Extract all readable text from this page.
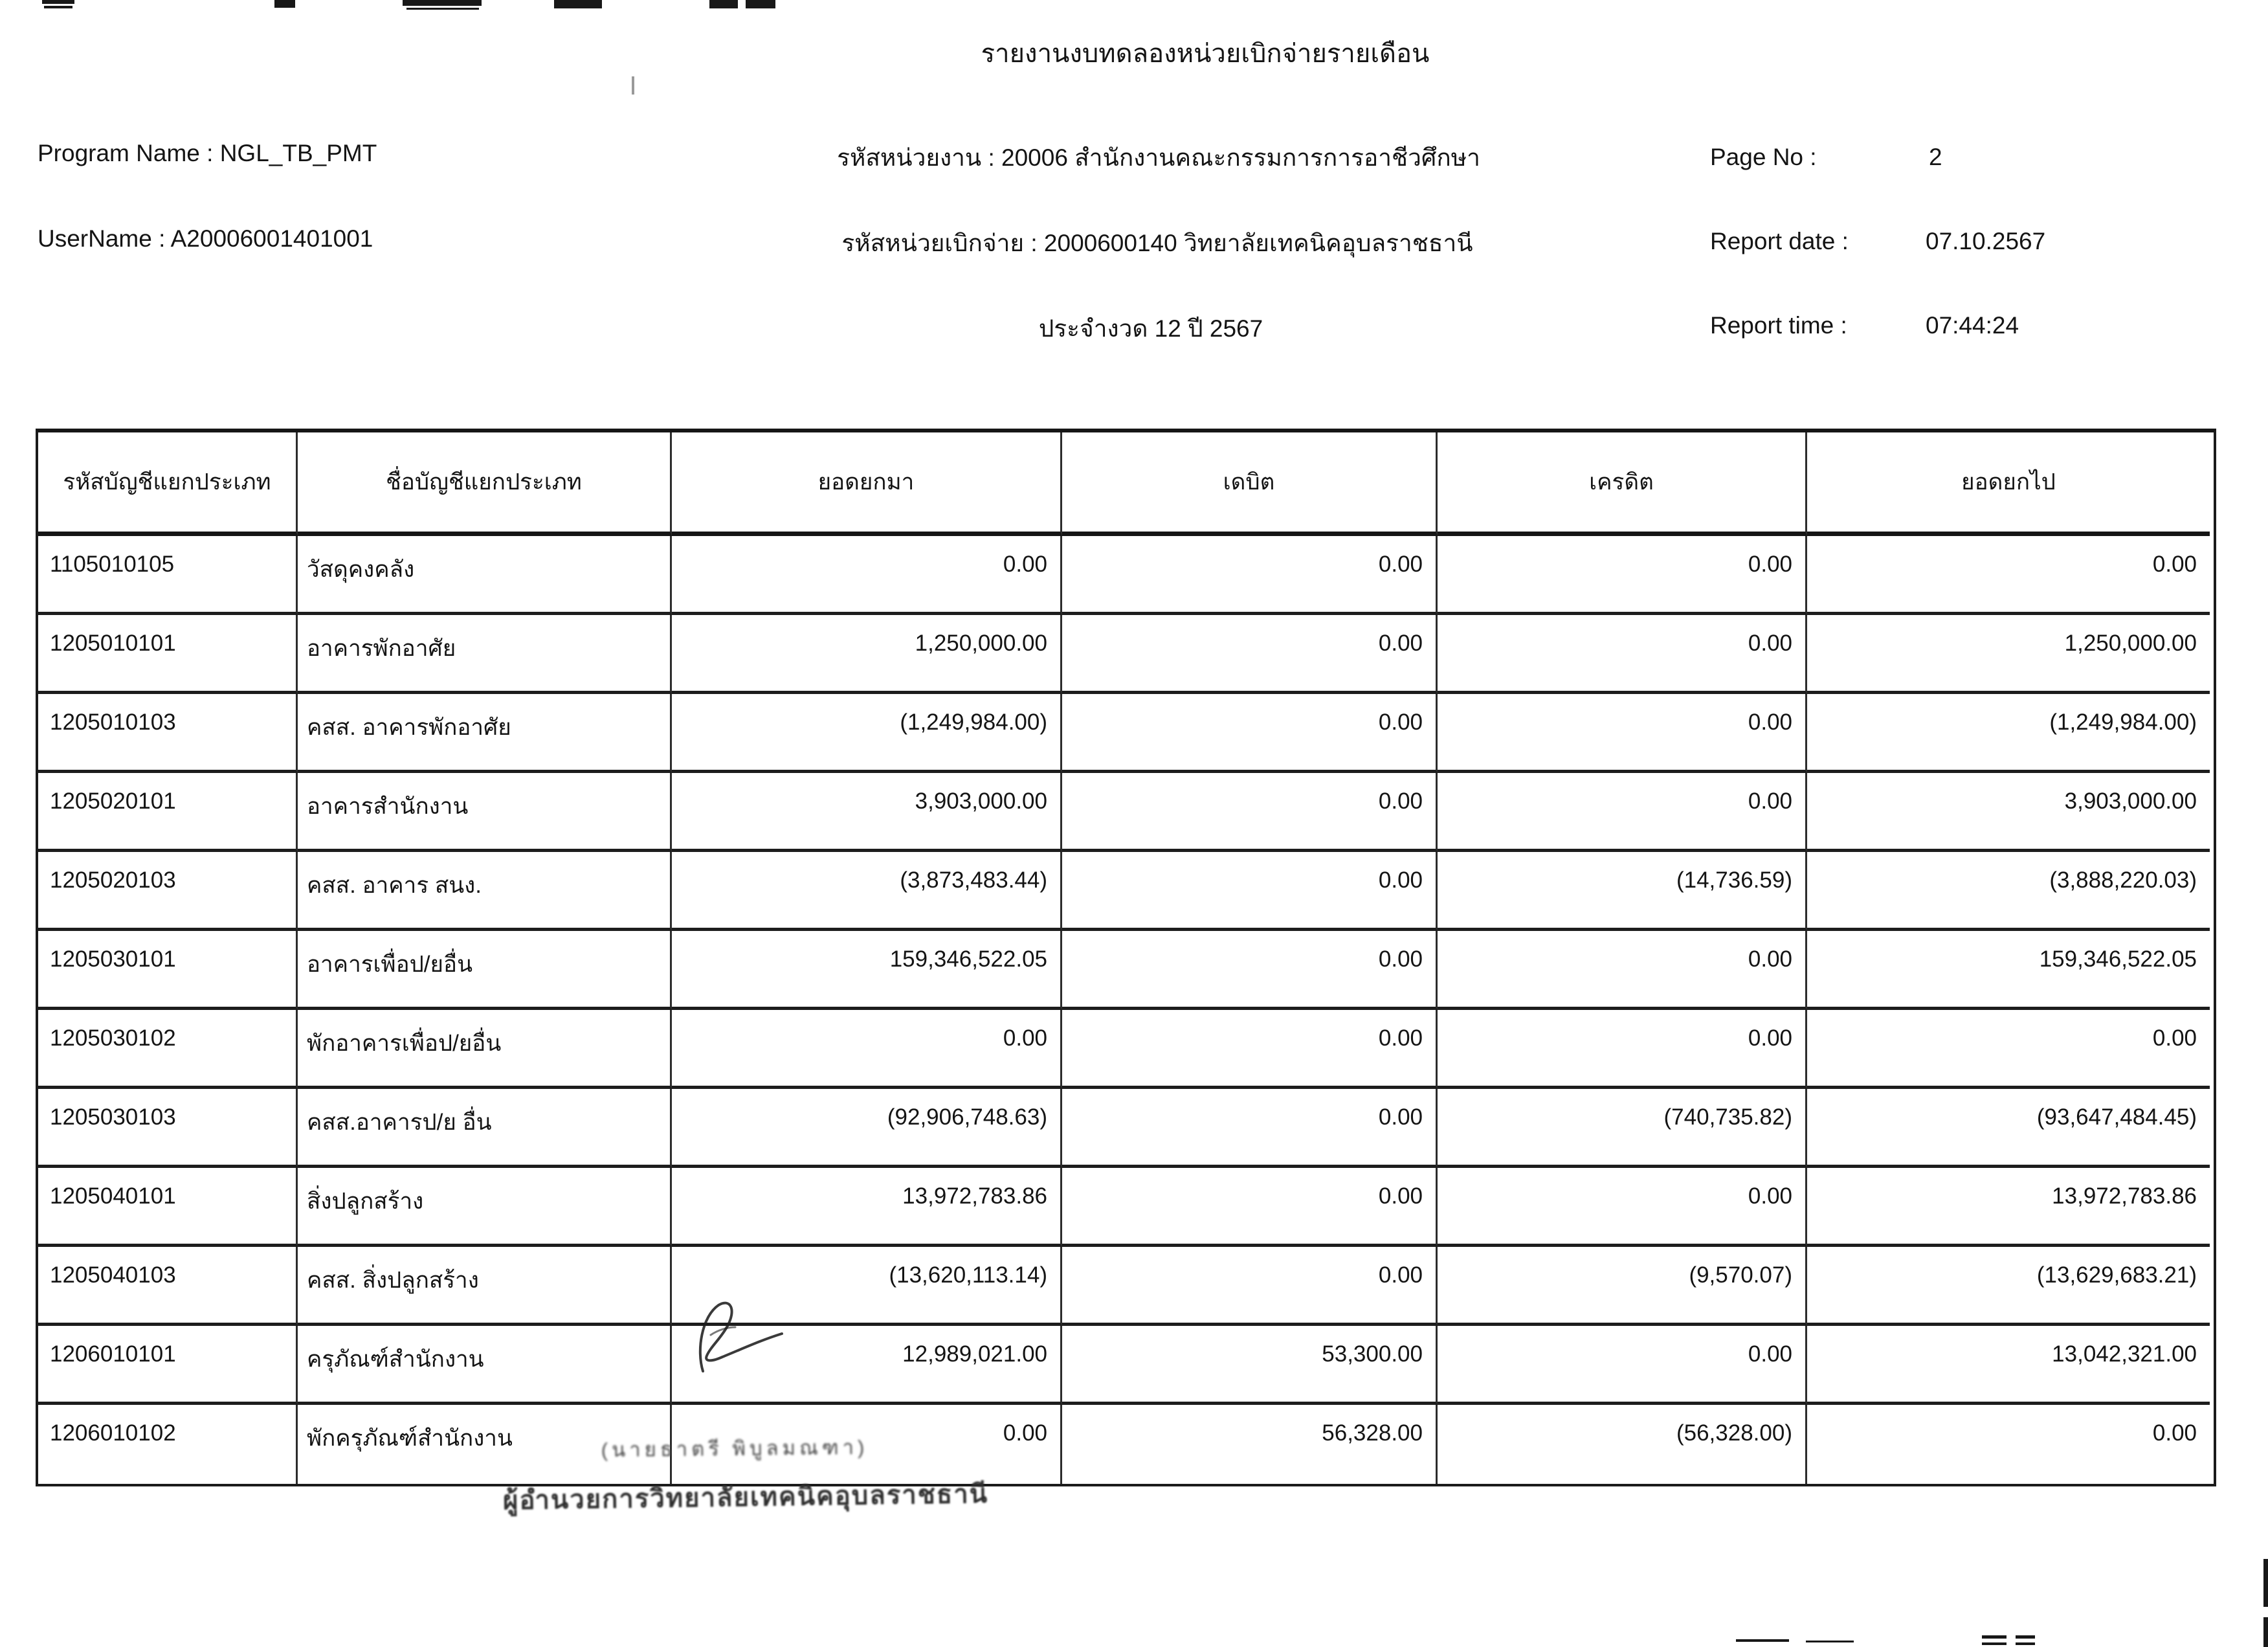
รายงานงบทดลองหน่วยเบิกจ่ายรายเดือน
Program Name : NGL_TB_PMT
UserName : A20006001401001
รหัสหน่วยงาน : 20006 สำนักงานคณะกรรมการการอาชีวศึกษา
รหัสหน่วยเบิกจ่าย : 2000600140 วิทยาลัยเทคนิคอุบลราชธานี
ประจำงวด 12 ปี 2567
Page No :	2
Report date :	07.10.2567
Report time :	07:44:24
รหัสบัญชีแยกประเภท	ชื่อบัญชีแยกประเภท	ยอดยกมา	เดบิต	เครดิต	ยอดยกไป
1105010105	วัสดุคงคลัง	0.00	0.00	0.00	0.00
1205010101	อาคารพักอาศัย	1,250,000.00	0.00	0.00	1,250,000.00
1205010103	คสส. อาคารพักอาศัย	(1,249,984.00)	0.00	0.00	(1,249,984.00)
1205020101	อาคารสำนักงาน	3,903,000.00	0.00	0.00	3,903,000.00
1205020103	คสส. อาคาร สนง.	(3,873,483.44)	0.00	(14,736.59)	(3,888,220.03)
1205030101	อาคารเพื่อป/ยอื่น	159,346,522.05	0.00	0.00	159,346,522.05
1205030102	พักอาคารเพื่อป/ยอื่น	0.00	0.00	0.00	0.00
1205030103	คสส.อาคารป/ย อื่น	(92,906,748.63)	0.00	(740,735.82)	(93,647,484.45)
1205040101	สิ่งปลูกสร้าง	13,972,783.86	0.00	0.00	13,972,783.86
1205040103	คสส. สิ่งปลูกสร้าง	(13,620,113.14)	0.00	(9,570.07)	(13,629,683.21)
1206010101	ครุภัณฑ์สำนักงาน	12,989,021.00	53,300.00	0.00	13,042,321.00
1206010102	พักครุภัณฑ์สำนักงาน	0.00	56,328.00	(56,328.00)	0.00
(นายธาตรี พิบูลมณฑา)
ผู้อำนวยการวิทยาลัยเทคนิคอุบลราชธานี
